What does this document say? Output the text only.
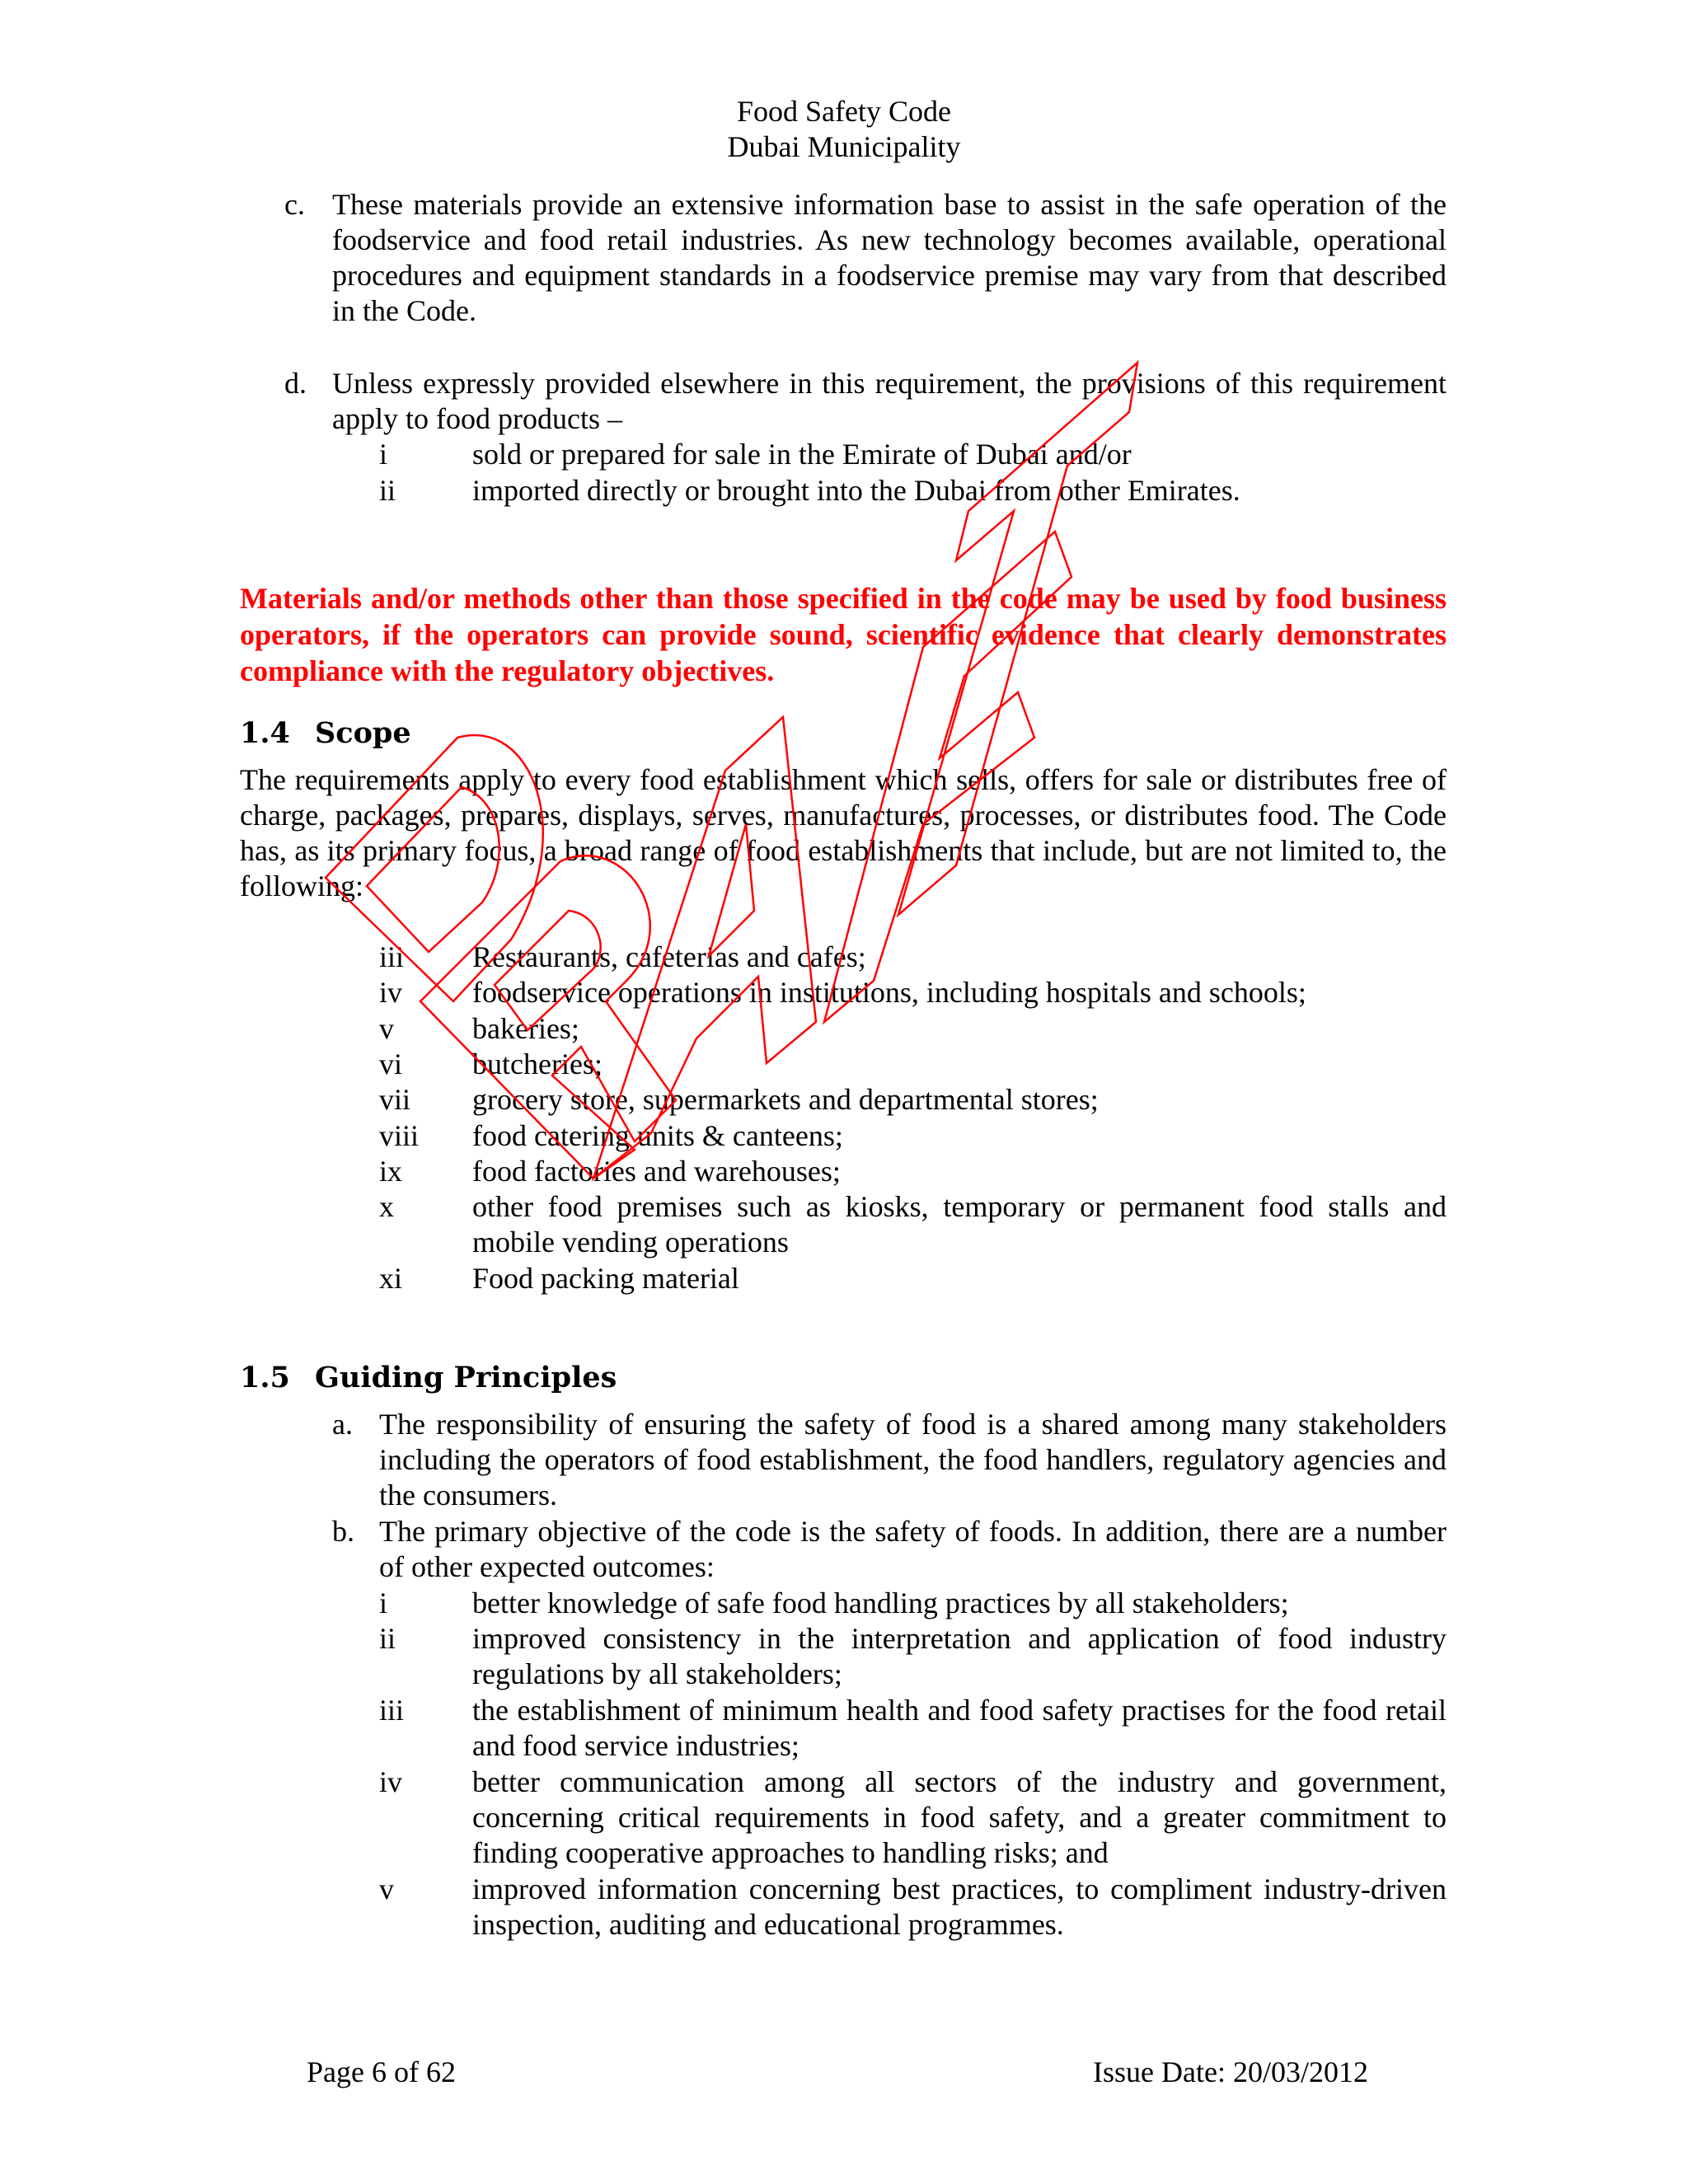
Food Safety Code
Dubai Municipality
c. These materials provide an extensive information base to assist in the safe operation of the foodservice and food retail industries. As new technology becomes available, operational procedures and equipment standards in a foodservice premise may vary from that described in the Code.
d. Unless expressly provided elsewhere in this requirement, the provisions of this requirement apply to food products –
i	sold or prepared for sale in the Emirate of Dubai and/or
ii	imported directly or brought into the Dubai from other Emirates.
Materials and/or methods other than those specified in the code may be used by food business operators, if the operators can provide sound, scientific evidence that clearly demonstrates compliance with the regulatory objectives.
1.4 Scope
The requirements apply to every food establishment which sells, offers for sale or distributes free of charge, packages, prepares, displays, serves, manufactures, processes, or distributes food. The Code has, as its primary focus, a broad range of food establishments that include, but are not limited to, the following:
iii Restaurants, cafeterias and cafes;
iv foodservice operations in institutions, including hospitals and schools;
v	bakeries;
vi butcheries;
vii grocery store, supermarkets and departmental stores;
viii food catering units & canteens;
ix food factories and warehouses;
x	other food premises such as kiosks, temporary or permanent food stalls and mobile vending operations
xi Food packing material
1.5 Guiding Principles
a. The responsibility of ensuring the safety of food is a shared among many stakeholders including the operators of food establishment, the food handlers, regulatory agencies and the consumers.
b. The primary objective of the code is the safety of foods. In addition, there are a number of other expected outcomes:
i	better knowledge of safe food handling practices by all stakeholders;
ii	improved consistency in the interpretation and application of food industry regulations by all stakeholders;
iii the establishment of minimum health and food safety practises for the food retail and food service industries;
iv better communication among all sectors of the industry and government, concerning critical requirements in food safety, and a greater commitment to finding cooperative approaches to handling risks; and
v	improved information concerning best practices, to compliment industry-driven inspection, auditing and educational programmes.
Page 6 of 62	Issue Date: 20/03/2012
